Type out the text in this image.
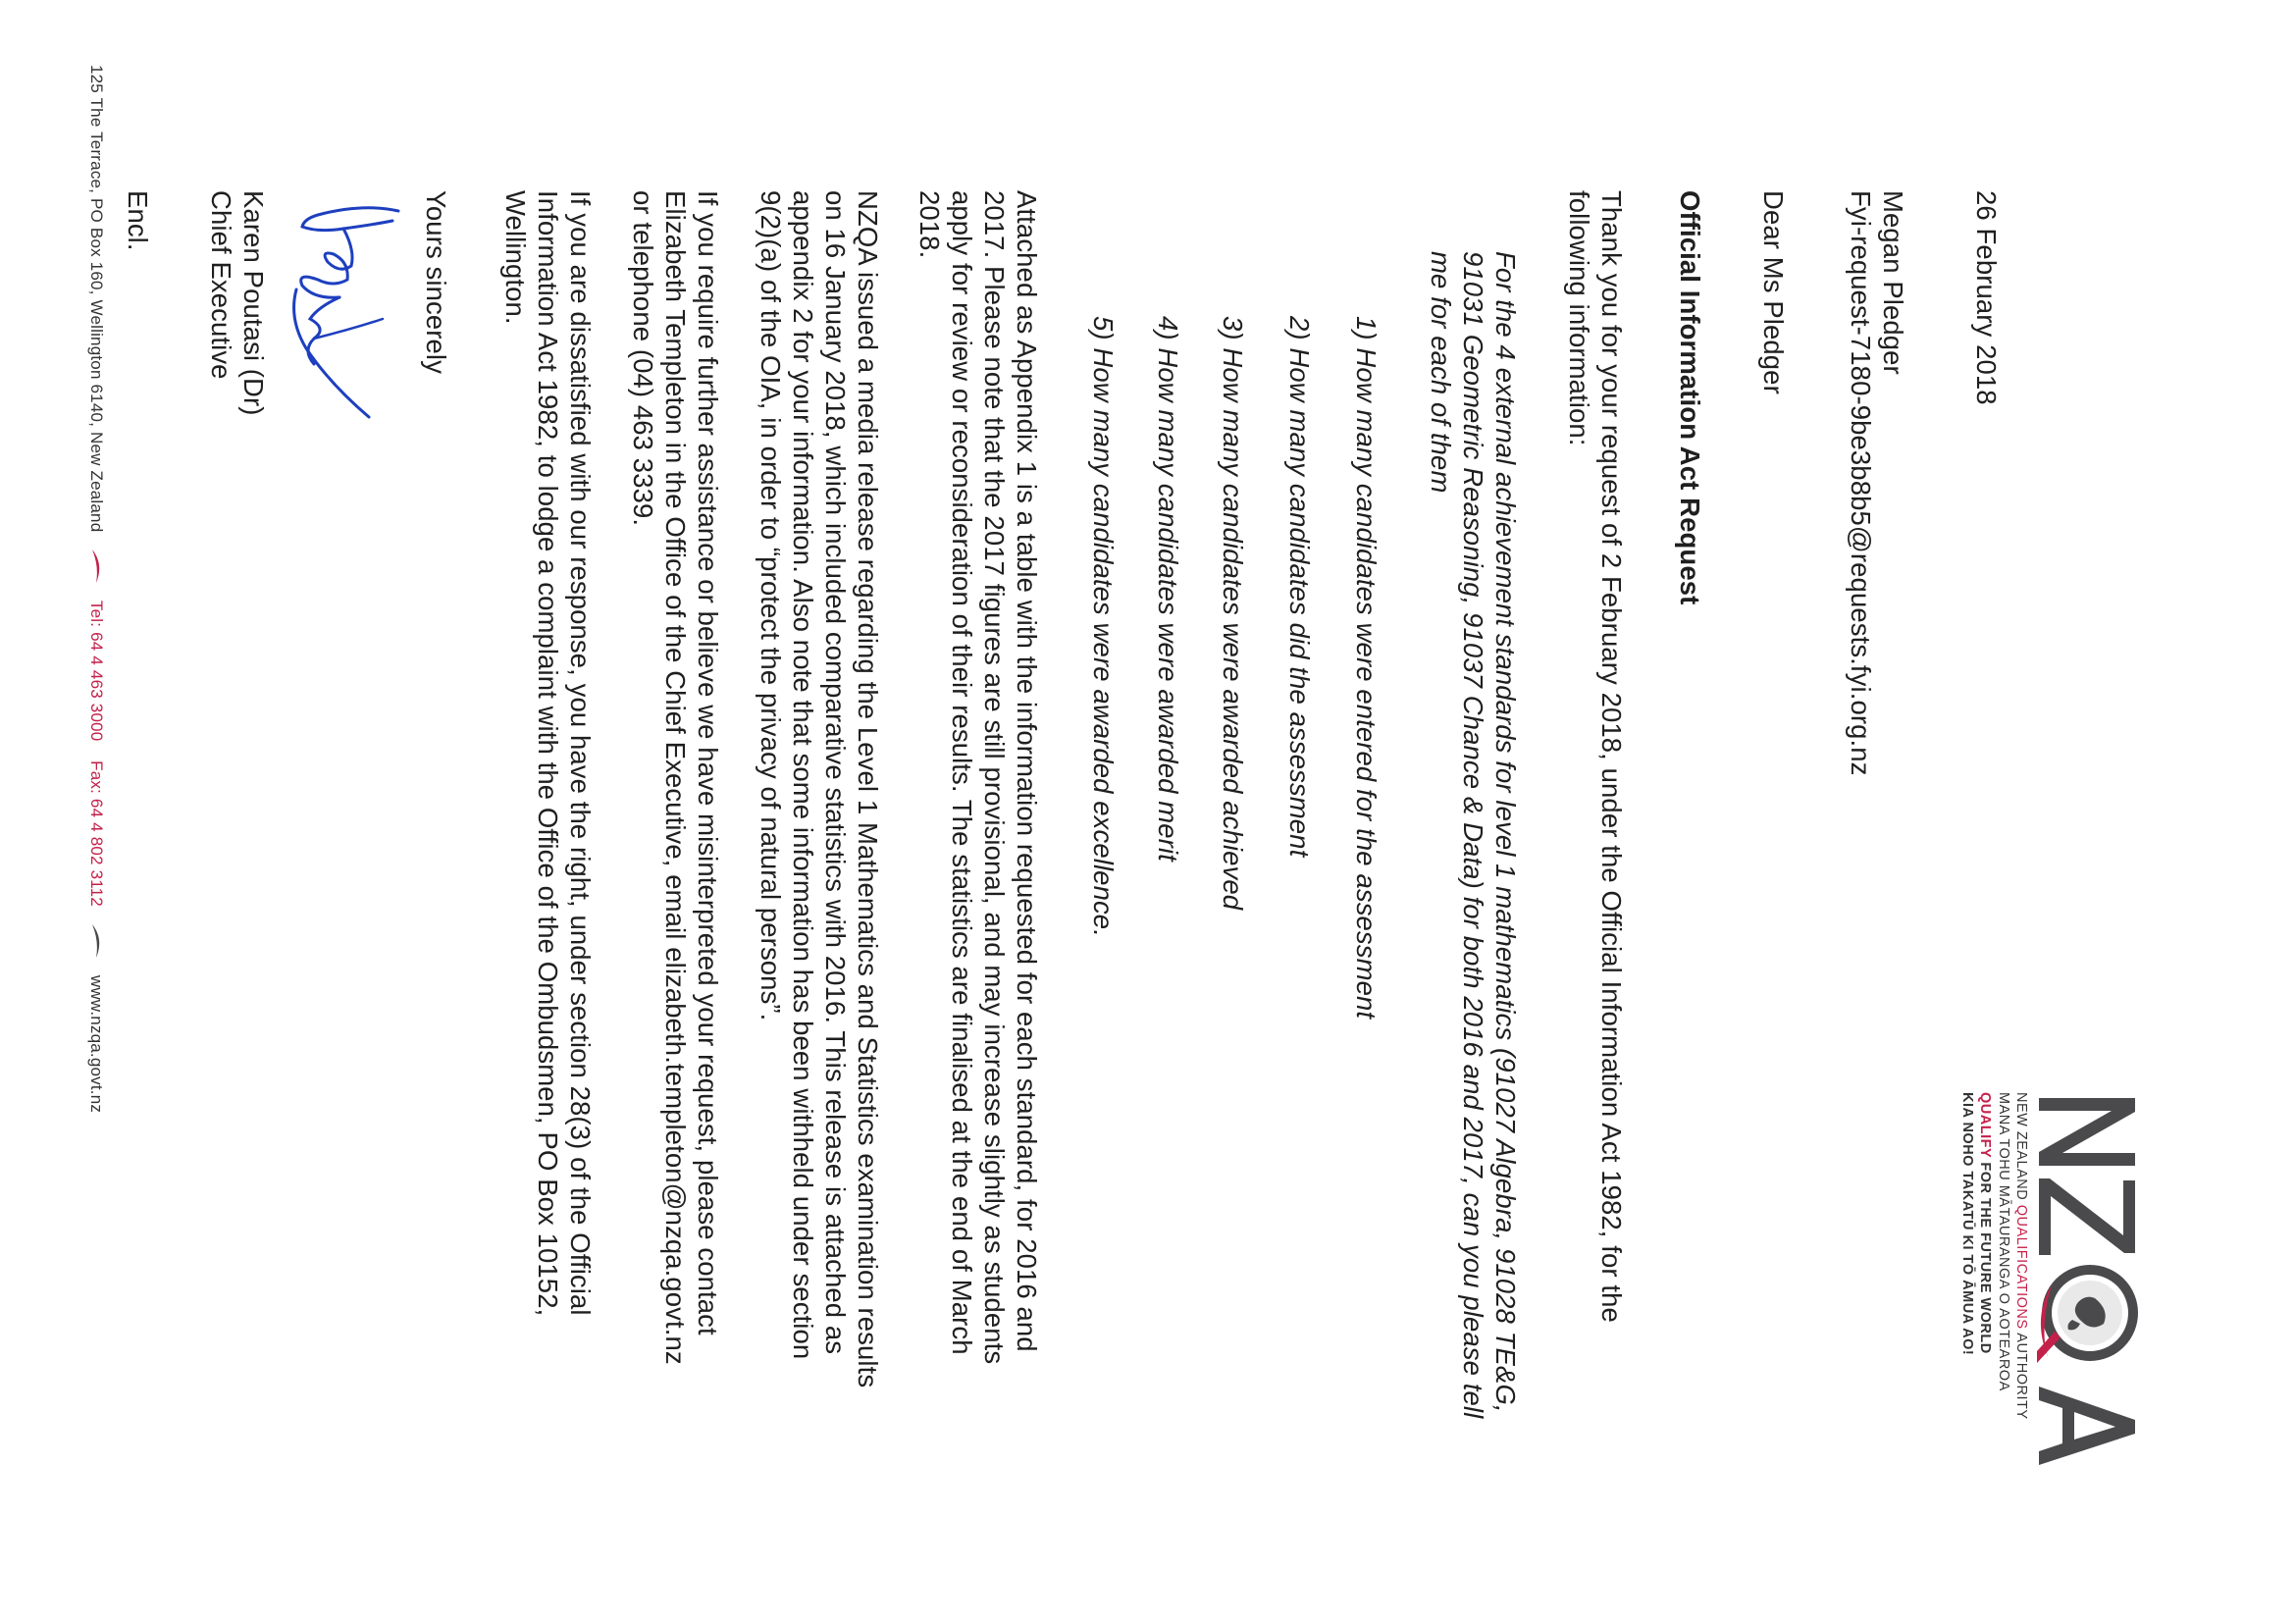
NEW ZEALAND QUALIFICATIONS AUTHORITY
MANA TOHU MĀTAURANGA O AOTEAROA
QUALIFY FOR THE FUTURE WORLD
KIA NOHO TAKATŪ KI TŌ ĀMUA AO!
26 February 2018
Megan Pledger
Fyi-request-7180-9be3b8b5@requests.fyi.org.nz
Dear Ms Pledger
Official Information Act Request
Thank you for your request of 2 February 2018, under the Official Information Act 1982, for the
following information:
For the 4 external achievement standards for level 1 mathematics (91027 Algebra, 91028 TE&G,
91031 Geometric Reasoning, 91037 Chance & Data) for both 2016 and 2017, can you please tell
me for each of them
1) How many candidates were entered for the assessment
2) How many candidates did the assessment
3) How many candidates were awarded achieved
4) How many candidates were awarded merit
5) How many candidates were awarded excellence.
Attached as Appendix 1 is a table with the information requested for each standard, for 2016 and
2017. Please note that the 2017 figures are still provisional, and may increase slightly as students
apply for review or reconsideration of their results. The statistics are finalised at the end of March
2018.
NZQA issued a media release regarding the Level 1 Mathematics and Statistics examination results
on 16 January 2018, which included comparative statistics with 2016. This release is attached as
appendix 2 for your information. Also note that some information has been withheld under section
9(2)(a) of the OIA, in order to “protect the privacy of natural persons”.
If you require further assistance or believe we have misinterpreted your request, please contact
Elizabeth Templeton in the Office of the Chief Executive, email elizabeth.templeton@nzqa.govt.nz
or telephone (04) 463 3339.
If you are dissatisfied with our response, you have the right, under section 28(3) of the Official
Information Act 1982, to lodge a complaint with the Office of the Ombudsmen, PO Box 10152,
Wellington.
Yours sincerely
Karen Poutasi (Dr)
Chief Executive
Encl.
125 The Terrace, PO Box 160, Wellington 6140, New Zealand  Tel: 64 4 463 3000    Fax: 64 4 802 3112  www.nzqa.govt.nz
